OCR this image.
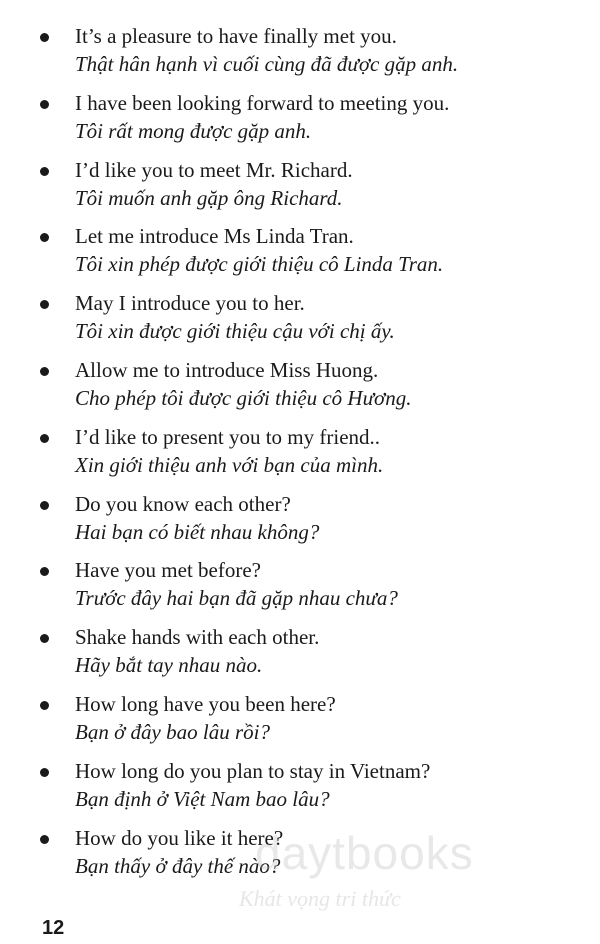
It’s a pleasure to have finally met you.
Thật hân hạnh vì cuối cùng đã được gặp anh.
I have been looking forward to meeting you.
Tôi rất mong được gặp anh.
I’d like you to meet Mr. Richard.
Tôi muốn anh gặp ông Richard.
Let me introduce Ms Linda Tran.
Tôi xin phép được giới thiệu cô Linda Tran.
May I introduce you to her.
Tôi xin được giới thiệu cậu với chị ấy.
Allow me to introduce Miss Huong.
Cho phép tôi được giới thiệu cô Hương.
I’d like to present you to my friend..
Xin giới thiệu anh với bạn của mình.
Do you know each other?
Hai bạn có biết nhau không?
Have you met before?
Trước đây hai bạn đã gặp nhau chưa?
Shake hands with each other.
Hãy bắt tay nhau nào.
How long have you been here?
Bạn ở đây bao lâu rồi?
How long do you plan to stay in Vietnam?
Bạn định ở Việt Nam bao lâu?
How do you like it here?
Bạn thấy ở đây thế nào?
daytbooks
Khát vọng tri thức
12
